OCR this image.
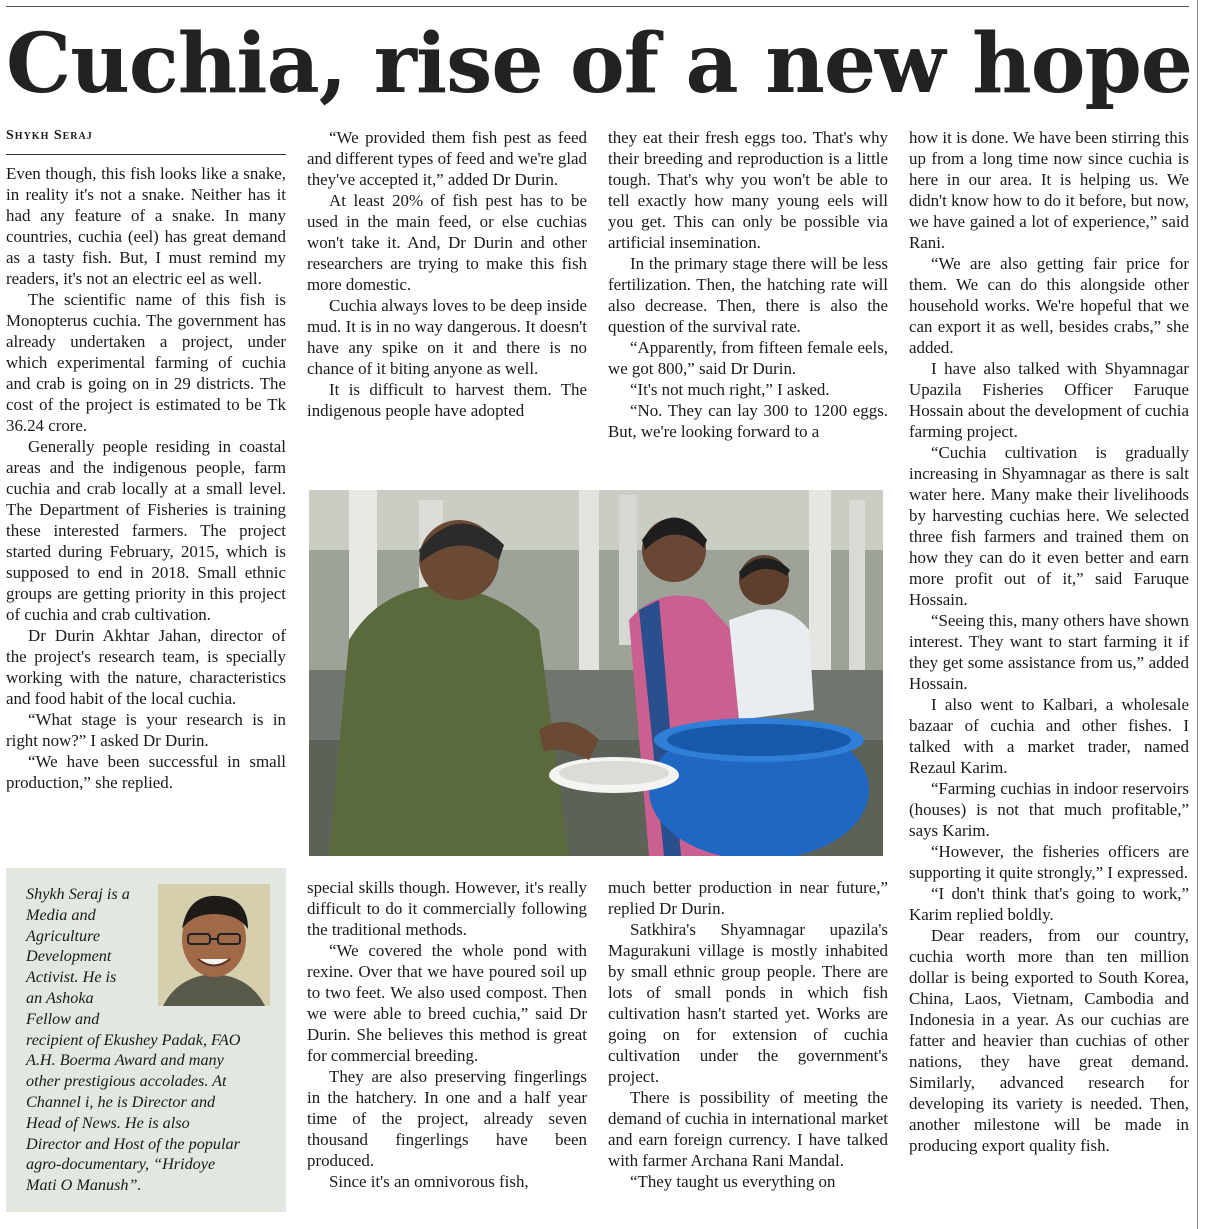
Cuchia, rise of a new hope
Shykh Seraj

Even though, this fish looks like a snake, in reality it's not a snake. Neither has it had any feature of a snake. In many countries, cuchia (eel) has great demand as a tasty fish. But, I must remind my readers, it's not an electric eel as well.

The scientific name of this fish is Monopterus cuchia. The government has already undertaken a project, under which experimental farming of cuchia and crab is going on in 29 districts. The cost of the project is estimated to be Tk 36.24 crore.

Generally people residing in coastal areas and the indigenous people, farm cuchia and crab locally at a small level. The Department of Fisheries is training these interested farmers. The project started during February, 2015, which is supposed to end in 2018. Small ethnic groups are getting priority in this project of cuchia and crab cultivation.

Dr Durin Akhtar Jahan, director of the project's research team, is specially working with the nature, characteristics and food habit of the local cuchia.

“What stage is your research is in right now?” I asked Dr Durin.

“We have been successful in small production,” she replied.

“We provided them fish pest as feed and different types of feed and we're glad they've accepted it,” added Dr Durin.

At least 20% of fish pest has to be used in the main feed, or else cuchias won't take it. And, Dr Durin and other researchers are trying to make this fish more domestic.

Cuchia always loves to be deep inside mud. It is in no way dangerous. It doesn't have any spike on it and there is no chance of it biting anyone as well.

It is difficult to harvest them. The indigenous people have adopted

they eat their fresh eggs too. That's why their breeding and reproduction is a little tough. That's why you won't be able to tell exactly how many young eels will you get. This can only be possible via artificial insemination.

In the primary stage there will be less fertilization. Then, the hatching rate will also decrease. Then, there is also the question of the survival rate.

“Apparently, from fifteen female eels, we got 800,” said Dr Durin.

“It's not much right,” I asked.

“No. They can lay 300 to 1200 eggs. But, we're looking forward to a

how it is done. We have been stirring this up from a long time now since cuchia is here in our area. It is helping us. We didn't know how to do it before, but now, we have gained a lot of experience,” said Rani.

“We are also getting fair price for them. We can do this alongside other household works. We're hopeful that we can export it as well, besides crabs,” she added.

I have also talked with Shyamnagar Upazila Fisheries Officer Faruque Hossain about the development of cuchia farming project.

“Cuchia cultivation is gradually increasing in Shyamnagar as there is salt water here. Many make their livelihoods by harvesting cuchias here. We selected three fish farmers and trained them on how they can do it even better and earn more profit out of it,” said Faruque Hossain.

“Seeing this, many others have shown interest. They want to start farming it if they get some assistance from us,” added Hossain.

I also went to Kalbari, a wholesale bazaar of cuchia and other fishes. I talked with a market trader, named Rezaul Karim.

“Farming cuchias in indoor reservoirs (houses) is not that much profitable,” says Karim.

“However, the fisheries officers are supporting it quite strongly,” I expressed.

“I don't think that's going to work,” Karim replied boldly.

Dear readers, from our country, cuchia worth more than ten million dollar is being exported to South Korea, China, Laos, Vietnam, Cambodia and Indonesia in a year. As our cuchias are fatter and heavier than cuchias of other nations, they have great demand. Similarly, advanced research for developing its variety is needed. Then, another milestone will be made in producing export quality fish.

special skills though. However, it's really difficult to do it commercially following the traditional methods.

“We covered the whole pond with rexine. Over that we have poured soil up to two feet. We also used compost. Then we were able to breed cuchia,” said Dr Durin. She believes this method is great for commercial breeding.

They are also preserving fingerlings in the hatchery. In one and a half year time of the project, already seven thousand fingerlings have been produced.

Since it's an omnivorous fish,

much better production in near future,” replied Dr Durin.

Satkhira's Shyamnagar upazila's Magurakuni village is mostly inhabited by small ethnic group people. There are lots of small ponds in which fish cultivation hasn't started yet. Works are going on for extension of cuchia cultivation under the government's project.

There is possibility of meeting the demand of cuchia in international market and earn foreign currency. I have talked with farmer Archana Rani Mandal.

“They taught us everything on

Shykh Seraj is a
Media and
Agriculture
Development
Activist. He is
an Ashoka
Fellow and
recipient of Ekushey Padak, FAO
A.H. Boerma Award and many
other prestigious accolades. At
Channel i, he is Director and
Head of News. He is also
Director and Host of the popular
agro-documentary, “Hridoye
Mati O Manush”.
